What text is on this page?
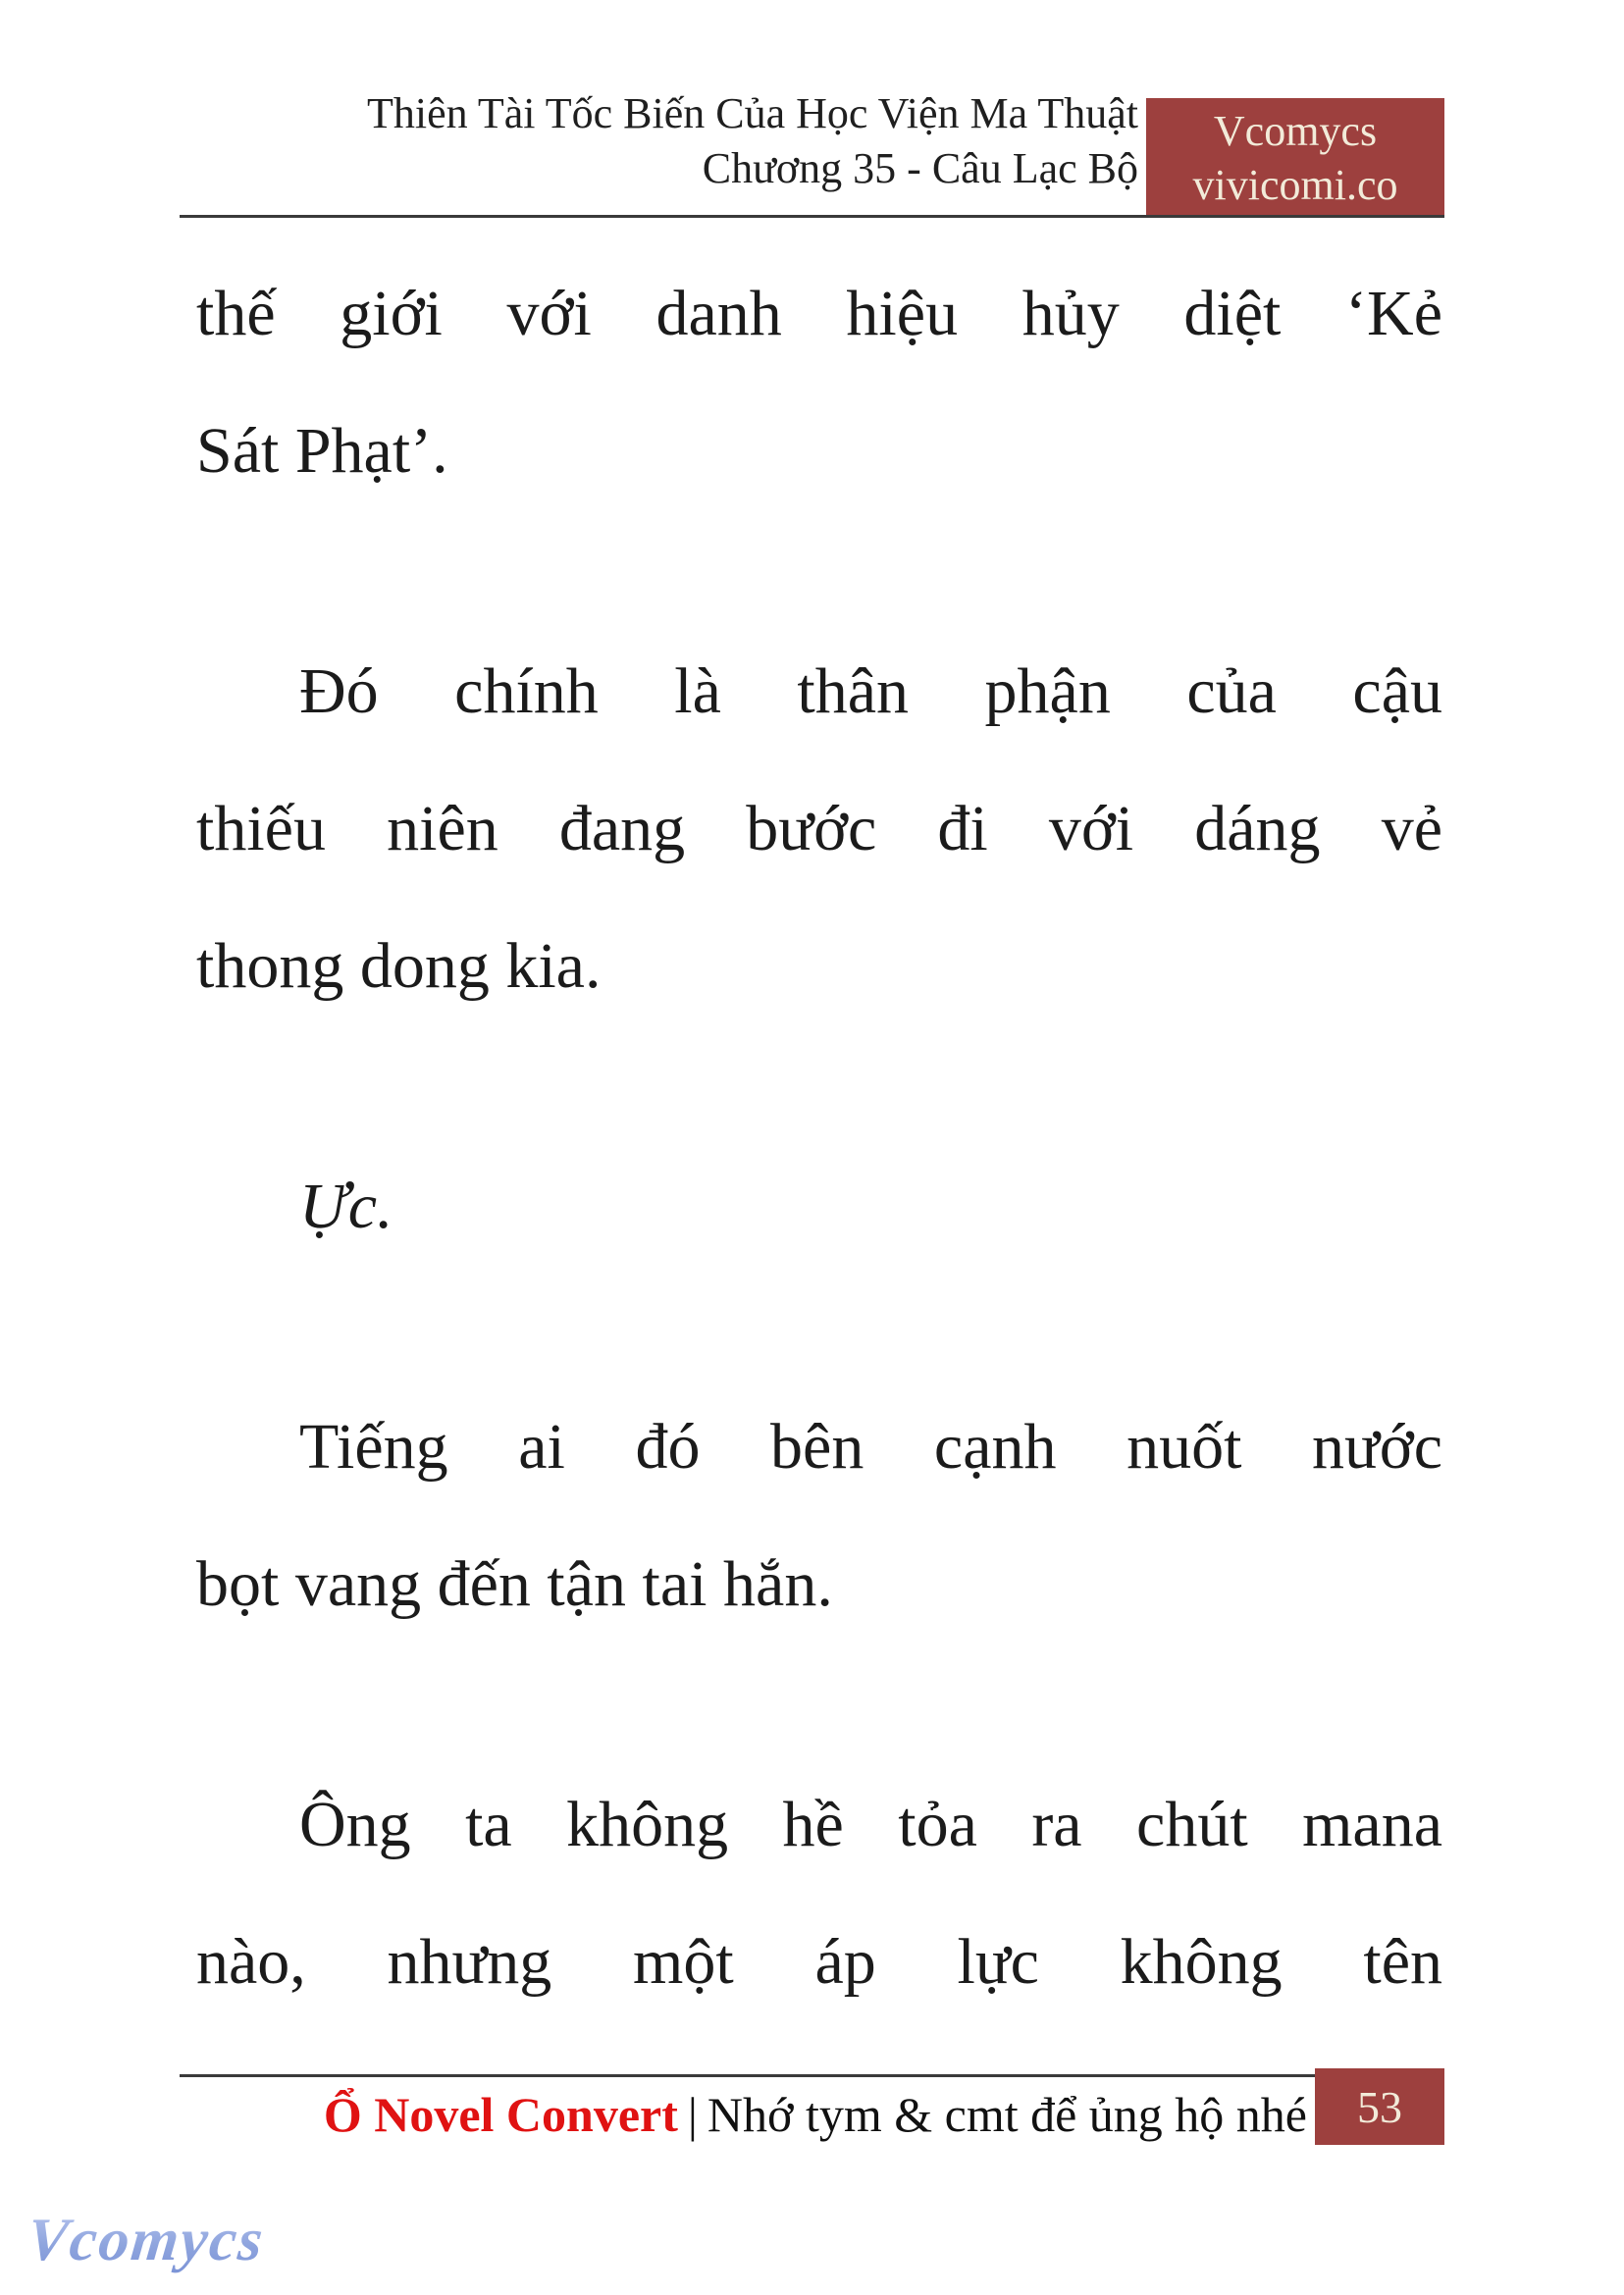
Thiên Tài Tốc Biến Của Học Viện Ma Thuật
Chương 35 - Câu Lạc Bộ
Vcomycs
vivicomi.co
thế giới với danh hiệu hủy diệt ‘Kẻ
Sát Phạt’.
Đó chính là thân phận của cậu
thiếu niên đang bước đi với dáng vẻ
thong dong kia.
Ực.
Tiếng ai đó bên cạnh nuốt nước
bọt vang đến tận tai hắn.
Ông ta không hề tỏa ra chút mana
nào, nhưng một áp lực không tên
Ổ Novel Convert | Nhớ tym & cmt để ủng hộ nhé 53
Vcomycs
